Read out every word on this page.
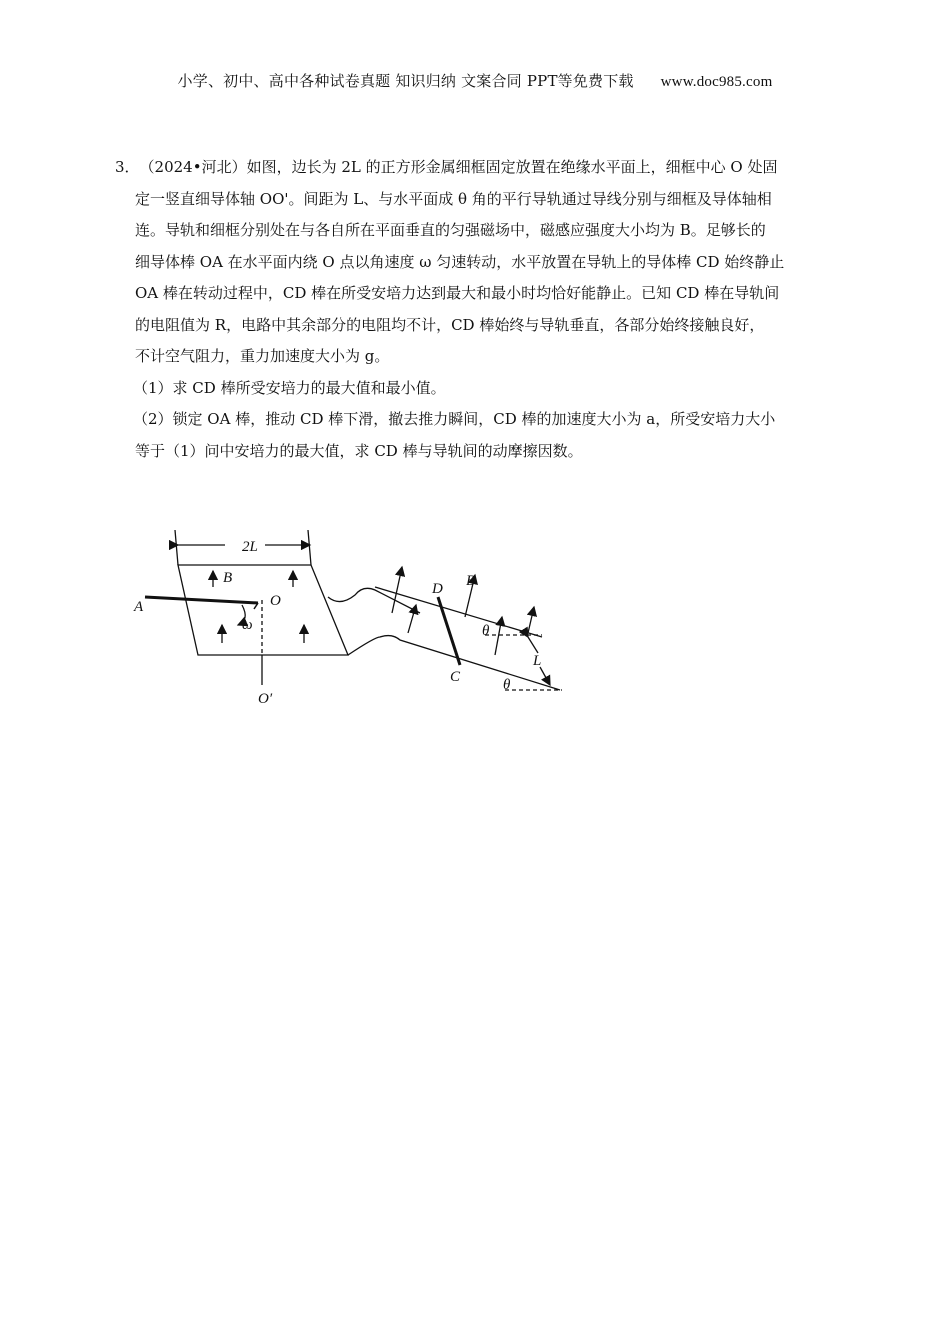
小学、初中、高中各种试卷真题 知识归纳 文案合同 PPT等免费下载 www.doc985.com

3．（2024•河北）如图，边长为 2L 的正方形金属细框固定放置在绝缘水平面上，细框中心 O 处固

定一竖直细导体轴 OO'。间距为 L、与水平面成 θ 角的平行导轨通过导线分别与细框及导体轴相

连。导轨和细框分别处在与各自所在平面垂直的匀强磁场中，磁感应强度大小均为 B。足够长的

细导体棒 OA 在水平面内绕 O 点以角速度 ω 匀速转动，水平放置在导轨上的导体棒 CD 始终静止

OA 棒在转动过程中，CD 棒在所受安培力达到最大和最小时均恰好能静止。已知 CD 棒在导轨间

的电阻值为 R，电路中其余部分的电阻均不计，CD 棒始终与导轨垂直，各部分始终接触良好，

不计空气阻力，重力加速度大小为 g。

（1）求 CD 棒所受安培力的最大值和最小值。

（2）锁定 OA 棒，推动 CD 棒下滑，撤去推力瞬间，CD 棒的加速度大小为 a，所受安培力大小

等于（1）问中安培力的最大值，求 CD 棒与导轨间的动摩擦因数。

2L
B
A	O
ω
O′
D
C
B
θ
θ
L
